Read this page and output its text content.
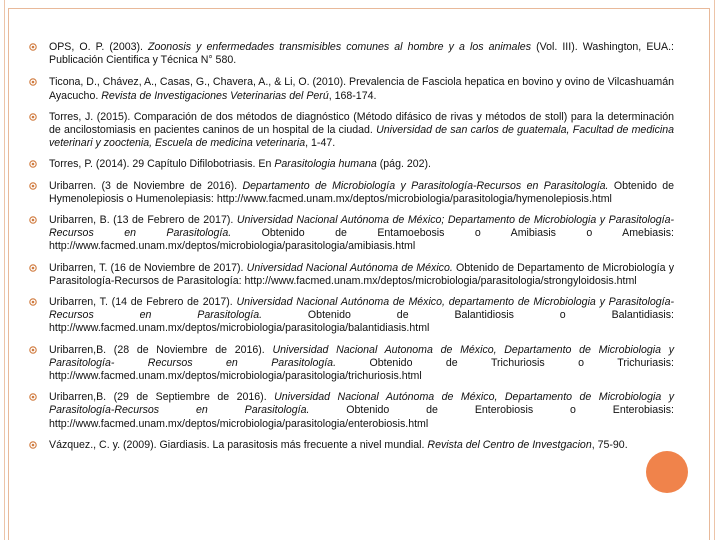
OPS, O. P. (2003). Zoonosis y enfermedades transmisibles comunes al hombre y a los animales (Vol. III). Washington, EUA.: Publicación Cientifica y Técnica N° 580.
Ticona, D., Chávez, A., Casas, G., Chavera, A., & Li, O. (2010). Prevalencia de Fasciola hepatica en bovino y ovino de Vilcashuamán Ayacucho. Revista de Investigaciones Veterinarias del Perú, 168-174.
Torres, J. (2015). Comparación de dos métodos de diagnóstico (Método difásico de rivas y métodos de stoll) para la determinación de ancilostomiasis en pacientes caninos de un hospital de la ciudad. Universidad de san carlos de guatemala, Facultad de medicina veterinari y zooctenia, Escuela de medicina veterinaria, 1-47.
Torres, P. (2014). 29 Capítulo Difilobotriasis. En Parasitologia humana (pág. 202).
Uribarren. (3 de Noviembre de 2016). Departamento de Microbiología y Parasitología-Recursos en Parasitología. Obtenido de Hymenolepiosis o Humenolepiasis: http://www.facmed.unam.mx/deptos/microbiologia/parasitologia/hymenolepiosis.html
Uribarren, B. (13 de Febrero de 2017). Universidad Nacional Autónoma de México; Departamento de Microbiologia y Parasitología-Recursos en Parasitología. Obtenido de Entamoebosis o Amibiasis o Amebiasis: http://www.facmed.unam.mx/deptos/microbiologia/parasitologia/amibiasis.html
Uribarren, T. (16 de Noviembre de 2017). Universidad Nacional Autónoma de México. Obtenido de Departamento de Microbiología y Parasitología-Recursos de Parasitología: http://www.facmed.unam.mx/deptos/microbiologia/parasitologia/strongyloidosis.html
Uribarren, T. (14 de Febrero de 2017). Universidad Nacional Autónoma de México, departamento de Microbiologia y Parasitología-Recursos en Parasitología. Obtenido de Balantidiosis o Balantidiasis: http://www.facmed.unam.mx/deptos/microbiologia/parasitologia/balantidiasis.html
Uribarren,B. (28 de Noviembre de 2016). Universidad Nacional Autonoma de México, Departamento de Microbiologia y Parasitología- Recursos en Parasitología. Obtenido de Trichuriosis o Trichuriasis: http://www.facmed.unam.mx/deptos/microbiologia/parasitologia/trichuriosis.html
Uribarren,B. (29 de Septiembre de 2016). Universidad Nacional Autónoma de México, Departamento de Microbiologia y Parasitología-Recursos en Parasitología. Obtenido de Enterobiosis o Enterobiasis: http://www.facmed.unam.mx/deptos/microbiologia/parasitologia/enterobiosis.html
Vázquez., C. y. (2009). Giardiasis. La parasitosis más frecuente a nivel mundial. Revista del Centro de Investgacion, 75-90.
